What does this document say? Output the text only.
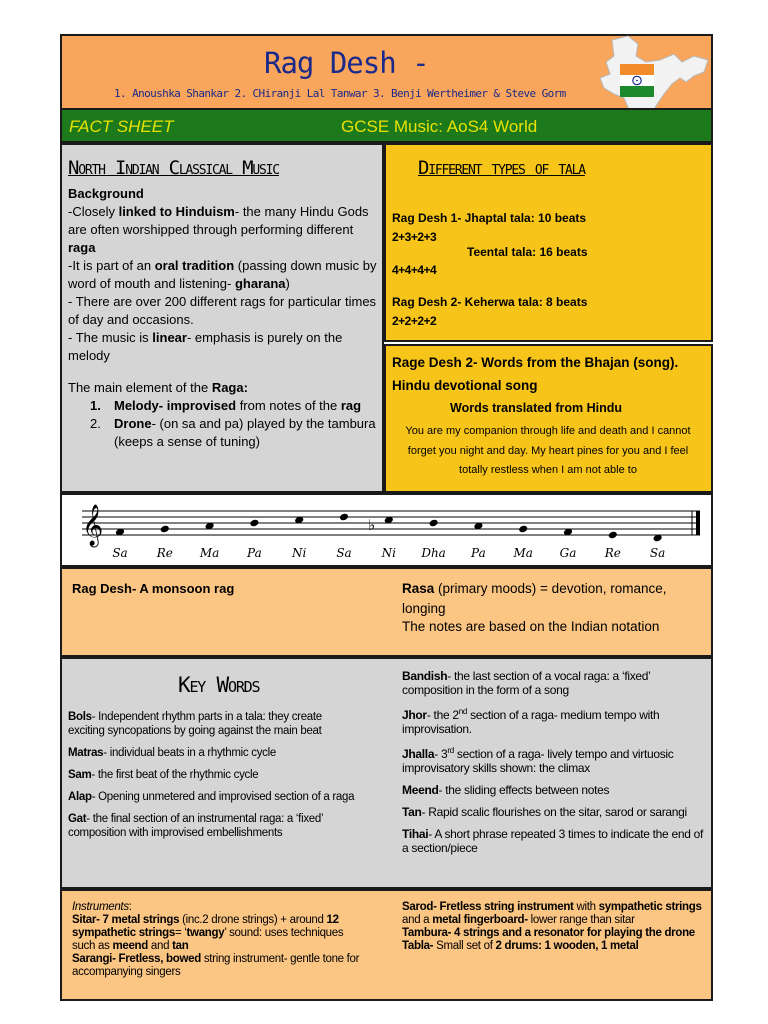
Rag Desh -
1. Anoushka Shankar 2. CHiranji Lal Tanwar 3. Benji Wertheimer & Steve Gorm
FACT SHEET	GCSE Music: AoS4 World
North Indian Classical Music

Background

-Closely linked to Hinduism- the many Hindu Gods are often worshipped through performing different raga

-It is part of an oral tradition (passing down music by word of mouth and listening- gharana)

- There are over 200 different rags for particular times of day and occasions.

- The music is linear- emphasis is purely on the melody

The main element of the Raga:

1. Melody- improvised from notes of the rag
2. Drone- (on sa and pa) played by the tambura (keeps a sense of tuning)
Different types of tala
Rag Desh 1- Jhaptal tala: 10 beats
2+3+2+3
Teental tala: 16 beats
4+4+4+4
Rag Desh 2- Keherwa tala: 8 beats
2+2+2+2
Rage Desh 2- Words from the Bhajan (song). Hindu devotional song
Words translated from Hindu
You are my companion through life and death and I cannot forget you night and day. My heart pines for you and I feel totally restless when I am not able to
𝄞	♭
Sa Re Ma Pa	Ni Sa Ni Dha Pa Ma Ga Re Sa
Rag Desh- A monsoon rag	Rasa (primary moods) = devotion, romance, longing
The notes are based on the Indian notation
Key Words

Bols- Independent rhythm parts in a tala: they create exciting syncopations by going against the main beat

Matras- individual beats in a rhythmic cycle

Sam- the first beat of the rhythmic cycle

Alap- Opening unmetered and improvised section of a raga

Gat- the final section of an instrumental raga: a ‘fixed’ composition with improvised embellishments

Bandish- the last section of a vocal raga: a ‘fixed’ composition in the form of a song

Jhor- the 2nd section of a raga- medium tempo with improvisation.

Jhalla- 3rd section of a raga- lively tempo and virtuosic improvisatory skills shown: the climax

Meend- the sliding effects between notes

Tan- Rapid scalic flourishes on the sitar, sarod or sarangi

Tihai- A short phrase repeated 3 times to indicate the end of a section/piece

Instruments:

Sitar- 7 metal strings (inc.2 drone strings) + around 12 sympathetic strings= ‘twangy’ sound: uses techniques such as meend and tan

Sarangi- Fretless, bowed string instrument- gentle tone for accompanying singers

Sarod- Fretless string instrument with sympathetic strings and a metal fingerboard- lower range than sitar

Tambura- 4 strings and a resonator for playing the drone

Tabla- Small set of 2 drums: 1 wooden, 1 metal
